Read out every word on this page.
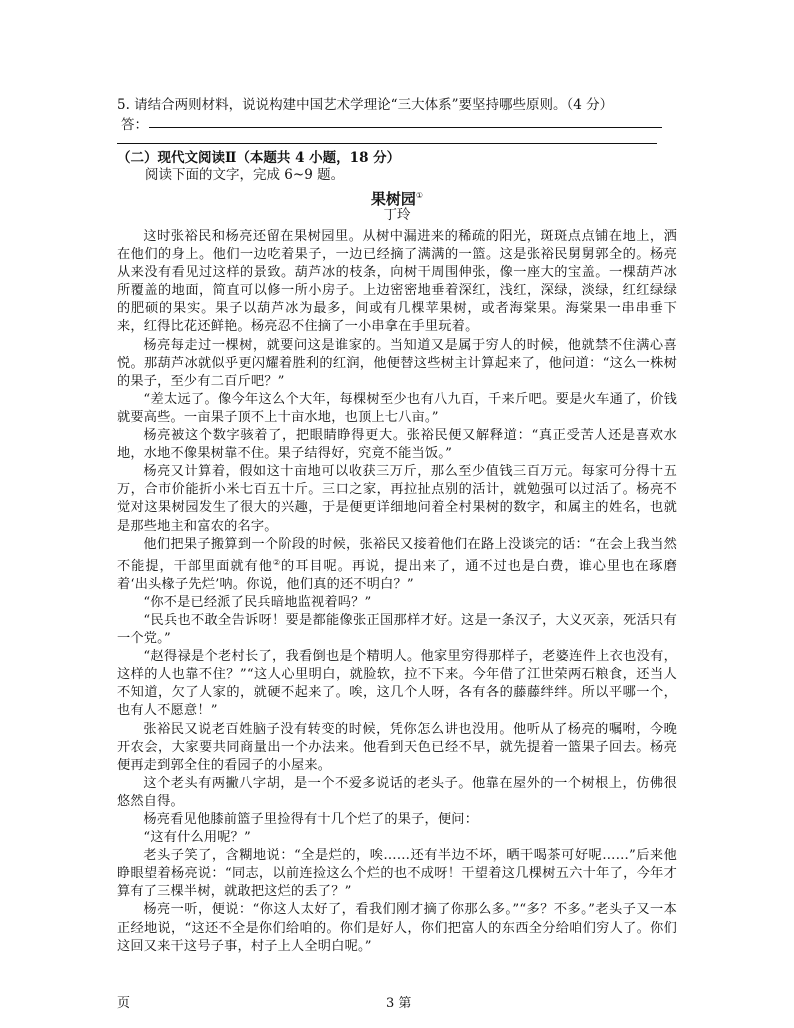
5. 请结合两则材料，说说构建中国艺术学理论“三大体系”要坚持哪些原则。（4 分）
答：
（二）现代文阅读Ⅱ（本题共 4 小题，18 分）
阅读下面的文字，完成 6~9 题。
果树园①
丁玲

这时张裕民和杨亮还留在果树园里。从树中漏进来的稀疏的阳光，斑斑点点铺在地上，洒在他们的身上。他们一边吃着果子，一边已经摘了满满的一篮。这是张裕民舅舅郭全的。杨亮从来没有看见过这样的景致。葫芦冰的枝条，向树干周围伸张，像一座大的宝盖。一棵葫芦冰所覆盖的地面，简直可以修一所小房子。上边密密地垂着深红，浅红，深绿，淡绿，红红绿绿的肥硕的果实。果子以葫芦冰为最多，间或有几棵苹果树，或者海棠果。海棠果一串串垂下来，红得比花还鲜艳。杨亮忍不住摘了一小串拿在手里玩着。

杨亮每走过一棵树，就要问这是谁家的。当知道又是属于穷人的时候，他就禁不住满心喜悦。那葫芦冰就似乎更闪耀着胜利的红润，他便替这些树主计算起来了，他问道：“这么一株树的果子，至少有二百斤吧？”

“差太远了。像今年这么个大年，每棵树至少也有八九百，千来斤吧。要是火车通了，价钱就要高些。一亩果子顶不上十亩水地，也顶上七八亩。”

杨亮被这个数字骇着了，把眼睛睁得更大。张裕民便又解释道：“真正受苦人还是喜欢水地，水地不像果树靠不住。果子结得好，究竟不能当饭。”

杨亮又计算着，假如这十亩地可以收获三万斤，那么至少值钱三百万元。每家可分得十五万，合市价能折小米七百五十斤。三口之家，再拉扯点别的活计，就勉强可以过活了。杨亮不觉对这果树园发生了很大的兴趣，于是便更详细地问着全村果树的数字，和属主的姓名，也就是那些地主和富农的名字。

他们把果子搬算到一个阶段的时候，张裕民又接着他们在路上没谈完的话：“在会上我当然不能提，干部里面就有他②的耳目呢。再说，提出来了，通不过也是白费，谁心里也在琢磨着‘出头椽子先烂’呐。你说，他们真的还不明白？”

“你不是已经派了民兵暗地监视着吗？”

“民兵也不敢全告诉呀！要是都能像张正国那样才好。这是一条汉子，大义灭亲，死活只有一个党。”

“赵得禄是个老村长了，我看倒也是个精明人。他家里穷得那样子，老婆连件上衣也没有，这样的人也靠不住？”“这人心里明白，就脸软，拉不下来。今年借了江世荣两石粮食，还当人不知道，欠了人家的，就硬不起来了。唉，这几个人呀，各有各的藤藤绊绊。所以平哪一个，也有人不愿意！”

张裕民又说老百姓脑子没有转变的时候，凭你怎么讲也没用。他听从了杨亮的嘱咐，今晚开农会，大家要共同商量出一个办法来。他看到天色已经不早，就先提着一篮果子回去。杨亮便再走到郭全住的看园子的小屋来。

这个老头有两撇八字胡，是一个不爱多说话的老头子。他靠在屋外的一个树根上，仿佛很悠然自得。

杨亮看见他膝前篮子里捡得有十几个烂了的果子，便问：

“这有什么用呢？”

老头子笑了，含糊地说：“全是烂的，唉……还有半边不坏，晒干喝茶可好呢……”后来他睁眼望着杨亮说：“同志，以前连捡这么个烂的也不成呀！干望着这几棵树五六十年了，今年才算有了三棵半树，就敢把这烂的丢了？”

杨亮一听，便说：“你这人太好了，看我们刚才摘了你那么多。”“多？不多。”老头子又一本正经地说，“这还不全是你们给咱的。你们是好人，你们把富人的东西全分给咱们穷人了。你们这回又来干这号子事，村子上人全明白呢。”

页	3 第
